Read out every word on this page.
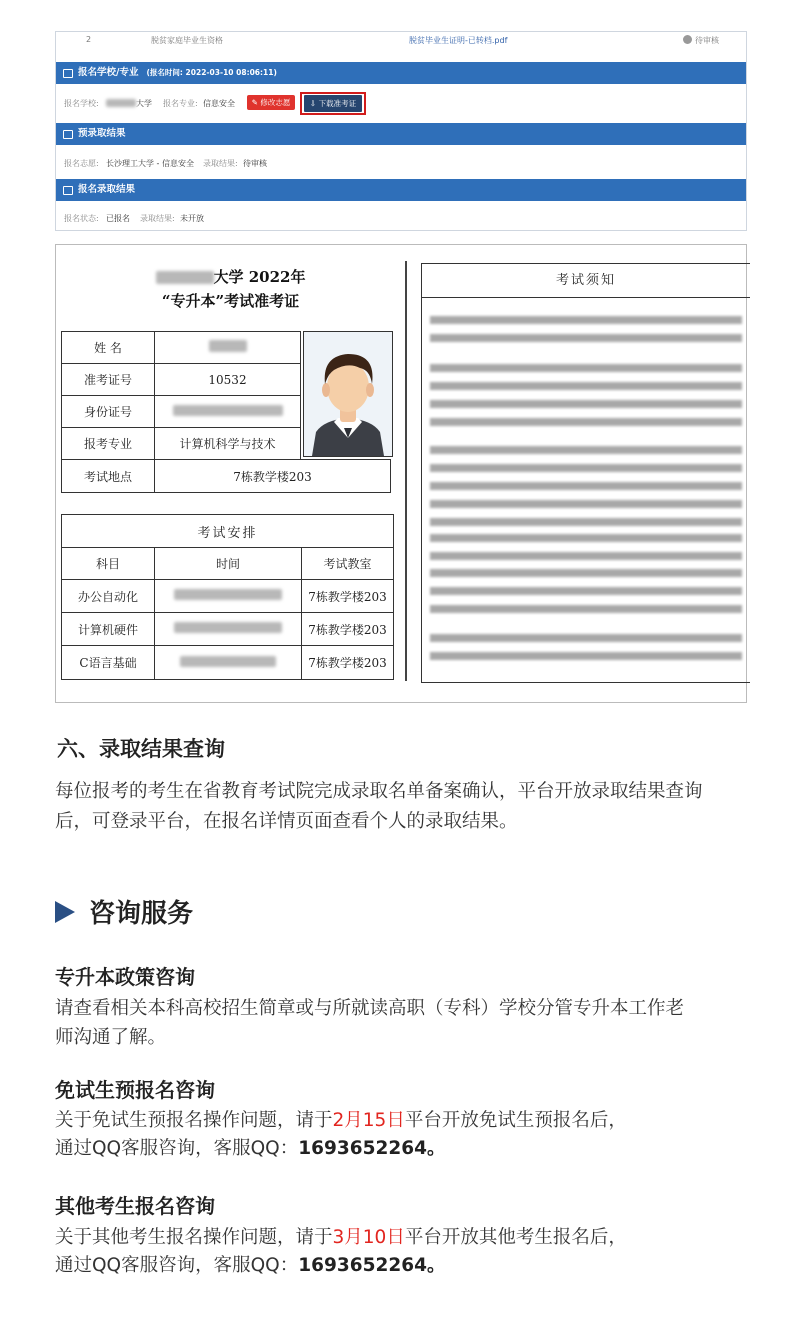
2	脱贫家庭毕业生资格	脱贫毕业生证明-已转档.pdf	待审核
报名学校/专业 (报名时间: 2022-03-10 08:06:11)
报名学校:	大学 报名专业: 信息安全	✎ 修改志愿	⇩ 下载准考证
预录取结果
报名志愿: 长沙理工大学 - 信息安全 录取结果: 待审核
报名录取结果
报名状态: 已报名 录取结果: 未开放
大学 2022年
“专升本”考试准考证
姓 名	
准考证号	10532
身份证号	
报考专业	计算机科学与技术
考试地点	7栋教学楼203
考试安排		
科目	时间	考试教室
办公自动化		7栋教学楼203
计算机硬件		7栋教学楼203
C语言基础		7栋教学楼203
考试须知
六、录取结果查询
每位报考的考生在省教育考试院完成录取名单备案确认，平台开放录取结果查询
后，可登录平台，在报名详情页面查看个人的录取结果。
咨询服务
专升本政策咨询
请查看相关本科高校招生简章或与所就读高职（专科）学校分管专升本工作老
师沟通了解。
免试生预报名咨询
关于免试生预报名操作问题，请于2月15日平台开放免试生预报名后，
通过QQ客服咨询，客服QQ：1693652264。
其他考生报名咨询
关于其他考生报名操作问题，请于3月10日平台开放其他考生报名后，
通过QQ客服咨询，客服QQ：1693652264。
